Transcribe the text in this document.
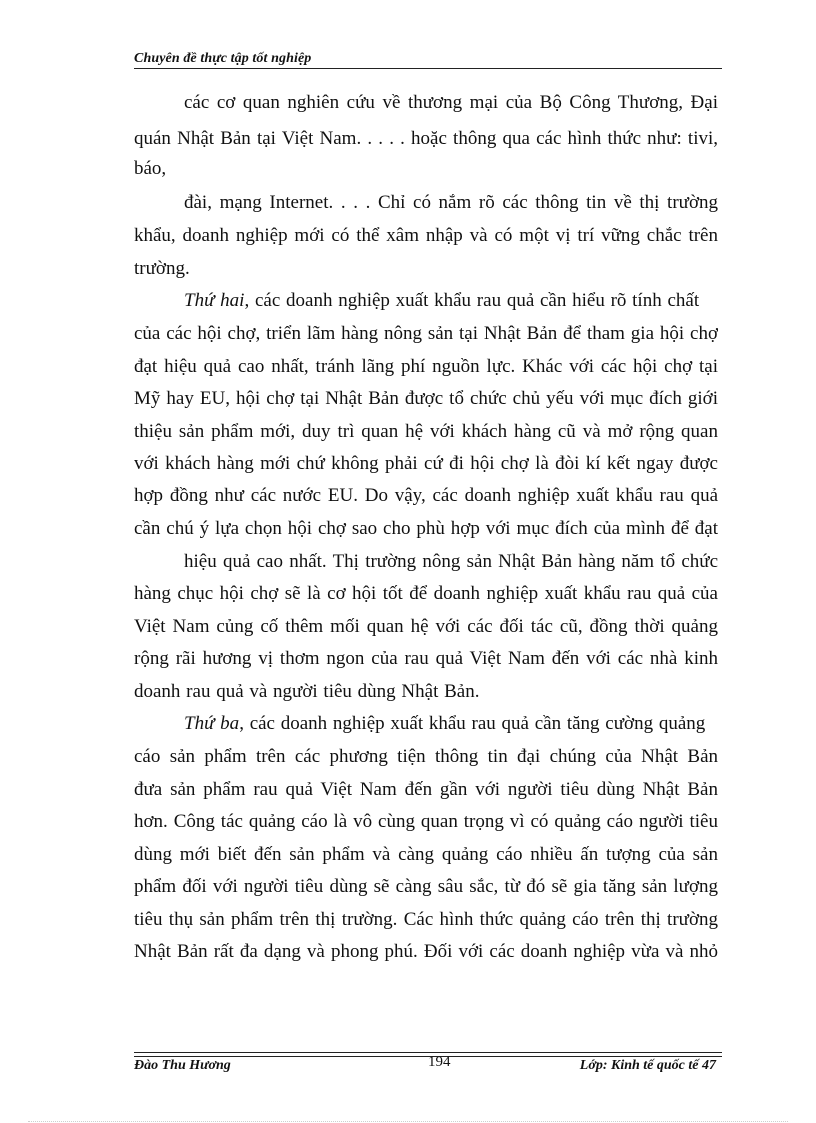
Chuyên đề thực tập tốt nghiệp
các cơ quan nghiên cứu về thương mại của Bộ Công Thương, Đại
quán Nhật Bản tại Việt Nam. . . . . hoặc thông qua các hình thức như: tivi,
báo,
đài, mạng Internet. . . . Chỉ có nắm rõ các thông tin về thị trường
khẩu, doanh nghiệp mới có thể xâm nhập và có một vị trí vững chắc trên
trường.
Thứ hai, các doanh nghiệp xuất khẩu rau quả cần hiểu rõ tính chất
của các hội chợ, triển lãm hàng nông sản tại Nhật Bản để tham gia hội chợ
đạt hiệu quả cao nhất, tránh lãng phí nguồn lực. Khác với các hội chợ tại
Mỹ hay EU, hội chợ tại Nhật Bản được tổ chức chủ yếu với mục đích giới
thiệu sản phẩm mới, duy trì quan hệ với khách hàng cũ và mở rộng quan
với khách hàng mới chứ không phải cứ đi hội chợ là đòi kí kết ngay được
hợp đồng như các nước EU. Do vậy, các doanh nghiệp xuất khẩu rau quả
cần chú ý lựa chọn hội chợ sao cho phù hợp với mục đích của mình để đạt
hiệu quả cao nhất. Thị trường nông sản Nhật Bản hàng năm tổ chức
hàng chục hội chợ sẽ là cơ hội tốt để doanh nghiệp xuất khẩu rau quả của
Việt Nam củng cố thêm mối quan hệ với các đối tác cũ, đồng thời quảng
rộng rãi hương vị thơm ngon của rau quả Việt Nam đến với các nhà kinh
doanh rau quả và người tiêu dùng Nhật Bản.
Thứ ba, các doanh nghiệp xuất khẩu rau quả cần tăng cường quảng
cáo sản phẩm trên các phương tiện thông tin đại chúng của Nhật Bản
đưa sản phẩm rau quả Việt Nam đến gần với người tiêu dùng Nhật Bản
hơn. Công tác quảng cáo là vô cùng quan trọng vì có quảng cáo người tiêu
dùng mới biết đến sản phẩm và càng quảng cáo nhiều ấn tượng của sản
phẩm đối với người tiêu dùng sẽ càng sâu sắc, từ đó sẽ gia tăng sản lượng
tiêu thụ sản phẩm trên thị trường. Các hình thức quảng cáo trên thị trường
Nhật Bản rất đa dạng và phong phú. Đối với các doanh nghiệp vừa và nhỏ
Đào Thu Hương	194	Lớp: Kinh tế quốc tế 47
